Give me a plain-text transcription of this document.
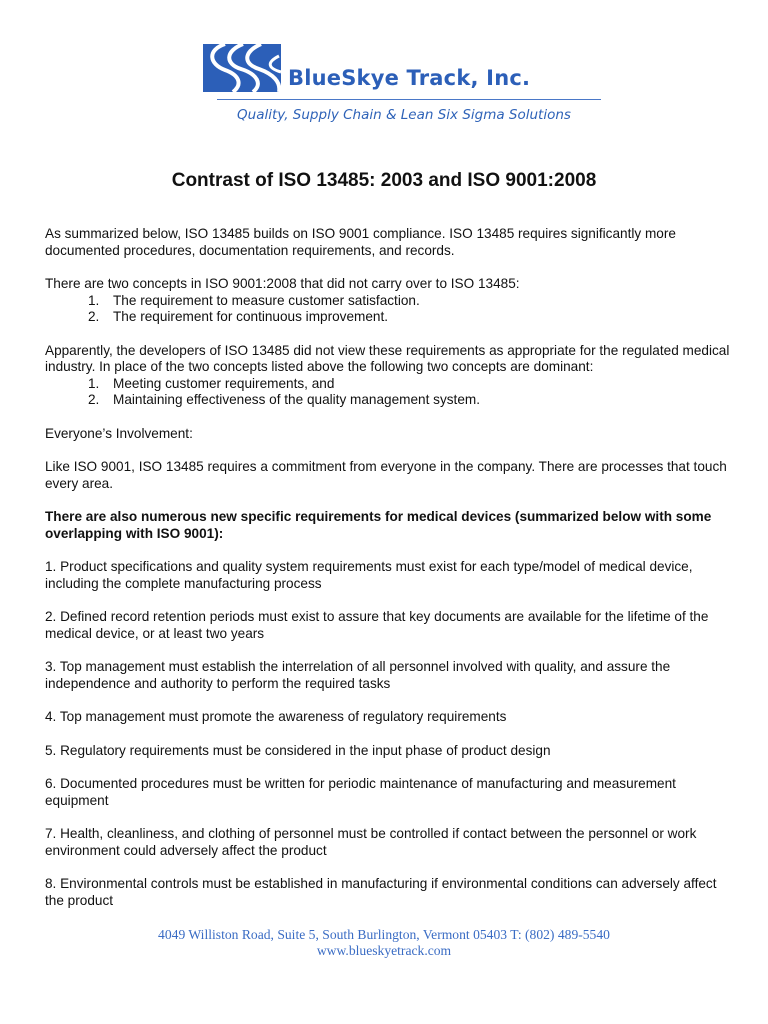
BlueSkye Track, Inc.
Quality, Supply Chain & Lean Six Sigma Solutions
Contrast of ISO 13485: 2003 and ISO 9001:2008

As summarized below, ISO 13485 builds on ISO 9001 compliance. ISO 13485 requires significantly more documented procedures, documentation requirements, and records.

There are two concepts in ISO 9001:2008 that did not carry over to ISO 13485:

1.	The requirement to measure customer satisfaction.
2.	The requirement for continuous improvement.

Apparently, the developers of ISO 13485 did not view these requirements as appropriate for the regulated medical industry. In place of the two concepts listed above the following two concepts are dominant:

1.	Meeting customer requirements, and
2.	Maintaining effectiveness of the quality management system.

Everyone’s Involvement:

Like ISO 9001, ISO 13485 requires a commitment from everyone in the company. There are processes that touch every area.

There are also numerous new specific requirements for medical devices (summarized below with some overlapping with ISO 9001):

1. Product specifications and quality system requirements must exist for each type/model of medical device, including the complete manufacturing process

2. Defined record retention periods must exist to assure that key documents are available for the lifetime of the medical device, or at least two years

3. Top management must establish the interrelation of all personnel involved with quality, and assure the independence and authority to perform the required tasks

4. Top management must promote the awareness of regulatory requirements

5. Regulatory requirements must be considered in the input phase of product design

6. Documented procedures must be written for periodic maintenance of manufacturing and measurement equipment

7. Health, cleanliness, and clothing of personnel must be controlled if contact between the personnel or work environment could adversely affect the product

8. Environmental controls must be established in manufacturing if environmental conditions can adversely affect the product

4049 Williston Road, Suite 5, South Burlington, Vermont 05403 T: (802) 489-5540
www.blueskyetrack.com
